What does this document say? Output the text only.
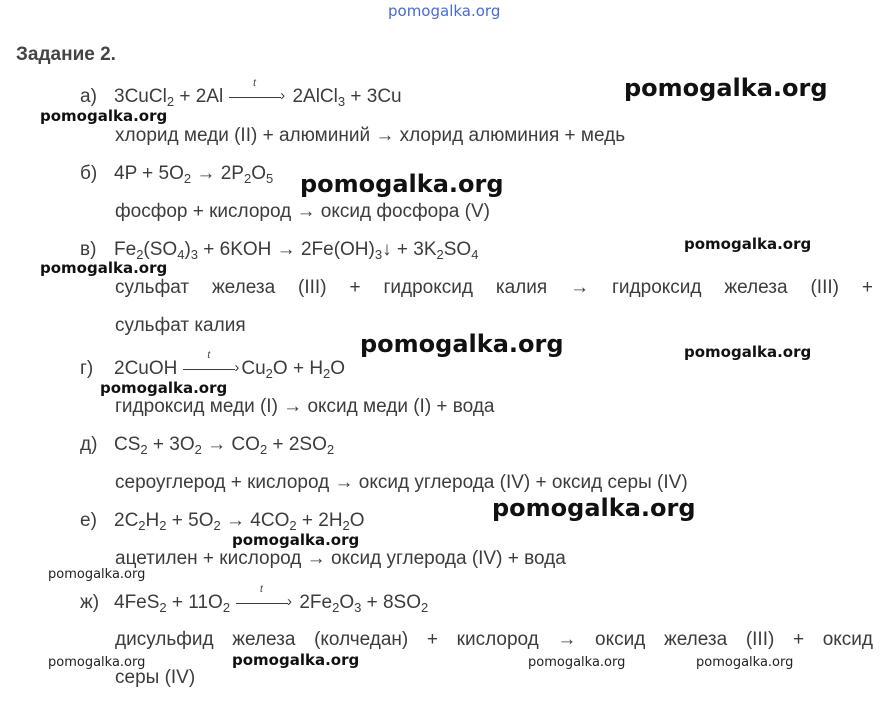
pomogalka.org
Задание 2.
а) 3CuCl$_2$ + 2Al
t
› 2AlCl$_3$ + 3Cu
хлорид меди (II) + алюминий → хлорид алюминия + медь
б) $4P + 5O_2 \to 2P_2O_5$
фосфор + кислород → оксид фосфора (V)
в) $Fe_2(SO_4)_3 + 6KOH$ → $2Fe(OH)_3↓ + 3K_2SO_4$
сульфат железа (III) + гидроксид калия → гидроксид железа (III) +
сульфат калия
г) 2CuOH
t
› $Cu_2O + H_2O$
гидроксид меди (I) → оксид меди (I) + вода
д) $CS_2 + 3O_2 \to CO_2 + 2SO_2$
сероуглерод + кислород → оксид углерода (IV) + оксид серы (IV)
е) $2C_2H_2 + 5O_2 \to 4CO_2 + 2H_2O$
ацетилен + кислород → оксид углерода (IV) + вода
ж) $4FeS_2 + 11O_2$
t
› $2Fe_2O_3 + 8SO_2$
дисульфид железа (колчедан) + кислород → оксид железа (III) + оксид
серы (IV)
pomogalka.org
pomogalka.org
pomogalka.org
pomogalka.org
pomogalka.org
pomogalka.org	pomogalka.org
pomogalka.org
pomogalka.org
pomogalka.org
pomogalka.org
pomogalka.org	pomogalka.org	pomogalka.org	pomogalka.org
